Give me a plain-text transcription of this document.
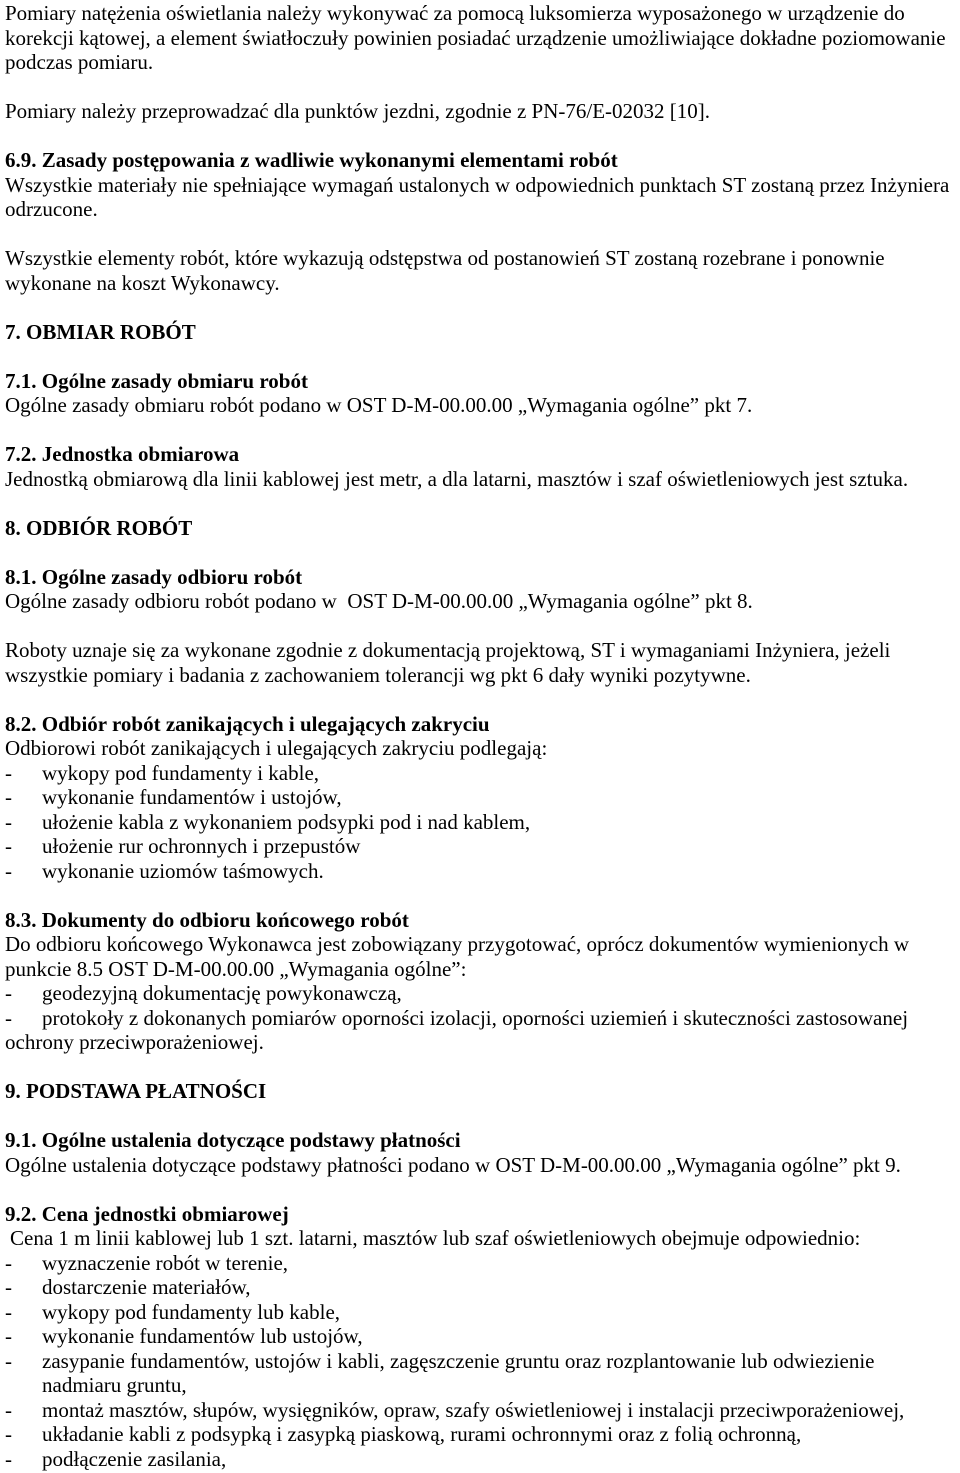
Pomiary natężenia oświetlania należy wykonywać za pomocą luksomierza wyposażonego w urządzenie do
korekcji kątowej, a element światłoczuły powinien posiadać urządzenie umożliwiające dokładne poziomowanie
podczas pomiaru.
Pomiary należy przeprowadzać dla punktów jezdni, zgodnie z PN-76/E-02032 [10].
6.9. Zasady postępowania z wadliwie wykonanymi elementami robót
Wszystkie materiały nie spełniające wymagań ustalonych w odpowiednich punktach ST zostaną przez Inżyniera
odrzucone.
Wszystkie elementy robót, które wykazują odstępstwa od postanowień ST zostaną rozebrane i ponownie
wykonane na koszt Wykonawcy.
7. OBMIAR ROBÓT
7.1. Ogólne zasady obmiaru robót
Ogólne zasady obmiaru robót podano w OST D-M-00.00.00 „Wymagania ogólne” pkt 7.
7.2. Jednostka obmiarowa
Jednostką obmiarową dla linii kablowej jest metr, a dla latarni, masztów i szaf oświetleniowych jest sztuka.
8. ODBIÓR ROBÓT
8.1. Ogólne zasady odbioru robót
Ogólne zasady odbioru robót podano w  OST D-M-00.00.00 „Wymagania ogólne” pkt 8.
Roboty uznaje się za wykonane zgodnie z dokumentacją projektową, ST i wymaganiami Inżyniera, jeżeli
wszystkie pomiary i badania z zachowaniem tolerancji wg pkt 6 dały wyniki pozytywne.
8.2. Odbiór robót zanikających i ulegających zakryciu
Odbiorowi robót zanikających i ulegających zakryciu podlegają:
-	wykopy pod fundamenty i kable,
-	wykonanie fundamentów i ustojów,
-	ułożenie kabla z wykonaniem podsypki pod i nad kablem,
-	ułożenie rur ochronnych i przepustów
-	wykonanie uziomów taśmowych.
8.3. Dokumenty do odbioru końcowego robót
Do odbioru końcowego Wykonawca jest zobowiązany przygotować, oprócz dokumentów wymienionych w
punkcie 8.5 OST D-M-00.00.00 „Wymagania ogólne”:
-	geodezyjną dokumentację powykonawczą,
-	protokoły z dokonanych pomiarów oporności izolacji, oporności uziemień i skuteczności zastosowanej
ochrony przeciwporażeniowej.
9. PODSTAWA PŁATNOŚCI
9.1. Ogólne ustalenia dotyczące podstawy płatności
Ogólne ustalenia dotyczące podstawy płatności podano w OST D-M-00.00.00 „Wymagania ogólne” pkt 9.
9.2. Cena jednostki obmiarowej
Cena 1 m linii kablowej lub 1 szt. latarni, masztów lub szaf oświetleniowych obejmuje odpowiednio:
-	wyznaczenie robót w terenie,
-	dostarczenie materiałów,
-	wykopy pod fundamenty lub kable,
-	wykonanie fundamentów lub ustojów,
-	zasypanie fundamentów, ustojów i kabli, zagęszczenie gruntu oraz rozplantowanie lub odwiezienie
nadmiaru gruntu,
-	montaż masztów, słupów, wysięgników, opraw, szafy oświetleniowej i instalacji przeciwporażeniowej,
-	układanie kabli z podsypką i zasypką piaskową, rurami ochronnymi oraz z folią ochronną,
-	podłączenie zasilania,
